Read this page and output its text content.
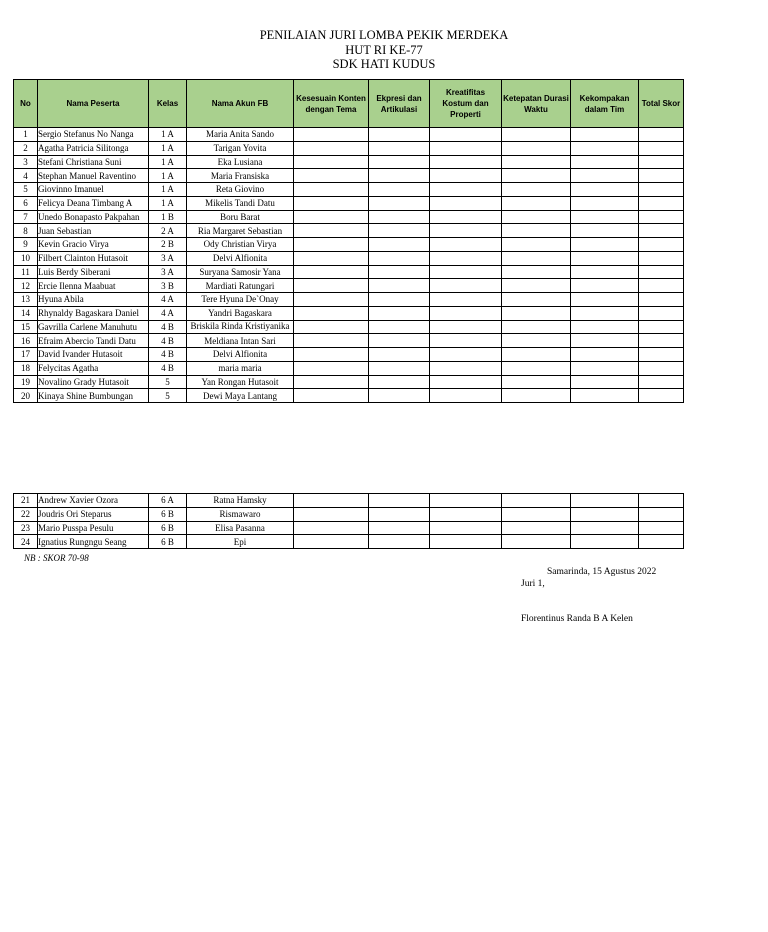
PENILAIAN JURI LOMBA PEKIK MERDEKA
HUT RI KE-77
SDK HATI KUDUS
No	Nama Peserta	Kelas	Nama Akun FB	Kesesuain Konten dengan Tema	Ekpresi dan Artikulasi	Kreatifitas Kostum dan Properti	Ketepatan Durasi Waktu	Kekompakan dalam Tim	Total Skor
1	Sergio Stefanus No Nanga	1 A	Maria Anita Sando						
2	Agatha Patricia Silitonga	1 A	Tarigan Yovita						
3	Stefani Christiana Suni	1 A	Eka Lusiana						
4	Stephan Manuel Raventino	1 A	Maria Fransiska						
5	Giovinno Imanuel	1 A	Reta Giovino						
6	Felicya Deana Timbang A	1 A	Mikelis Tandi Datu						
7	Unedo Bonapasto Pakpahan	1 B	Boru Barat						
8	Juan Sebastian	2 A	Ria Margaret Sebastian						
9	Kevin Gracio Virya	2 B	Ody Christian Virya						
10	Filbert Clainton Hutasoit	3 A	Delvi Alfionita						
11	Luis Berdy Siberani	3 A	Suryana Samosir Yana						
12	Ercie Ilenna Maabuat	3 B	Mardiati Ratungari						
13	Hyuna Abila	4 A	Tere Hyuna De`Onay						
14	Rhynaldy Bagaskara Daniel	4 A	Yandri Bagaskara						
15	Gavrilla Carlene Manuhutu	4 B	Briskila Rinda Kristiyanika						
16	Efraim Abercio Tandi Datu	4 B	Meldiana Intan Sari						
17	David Ivander Hutasoit	4 B	Delvi Alfionita						
18	Felycitas Agatha	4 B	maria maria						
19	Novalino Grady Hutasoit	5	Yan Rongan Hutasoit						
20	Kinaya Shine Bumbungan	5	Dewi Maya Lantang						
21	Andrew Xavier Ozora	6 A	Ratna Hamsky						
22	Joudris Ori Steparus	6 B	Rismawaro						
23	Mario Pusspa Pesulu	6 B	Elisa Pasanna						
24	Ignatius Rungngu Seang	6 B	Epi						
NB : SKOR 70-98
Samarinda, 15 Agustus 2022
Juri 1,
Florentinus Randa B A Kelen
